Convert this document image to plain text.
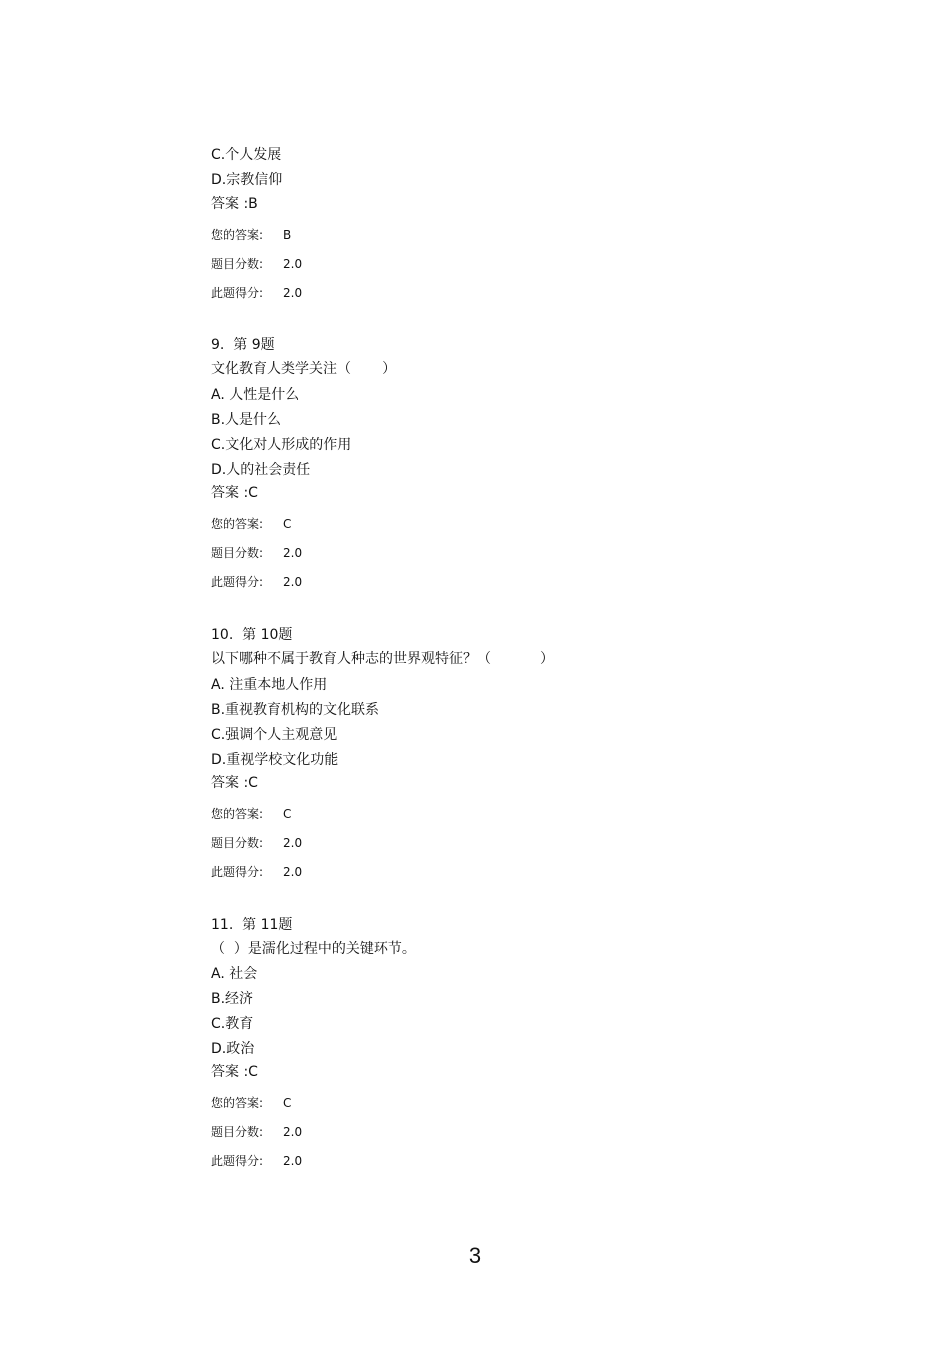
C.个人发展
D.宗教信仰
答案 :B
您的答案: B
题目分数: 2.0
此题得分: 2.0
9.  第 9题
文化教育人类学关注（       ）
A. 人性是什么
B.人是什么
C.文化对人形成的作用
D.人的社会责任
答案 :C
您的答案: C
题目分数: 2.0
此题得分: 2.0
10.  第 10题
以下哪种不属于教育人种志的世界观特征？（           ）
A. 注重本地人作用
B.重视教育机构的文化联系
C.强调个人主观意见
D.重视学校文化功能
答案 :C
您的答案: C
题目分数: 2.0
此题得分: 2.0
11.  第 11题
（  ）是濡化过程中的关键环节。
A. 社会
B.经济
C.教育
D.政治
答案 :C
您的答案: C
题目分数: 2.0
此题得分: 2.0
3
